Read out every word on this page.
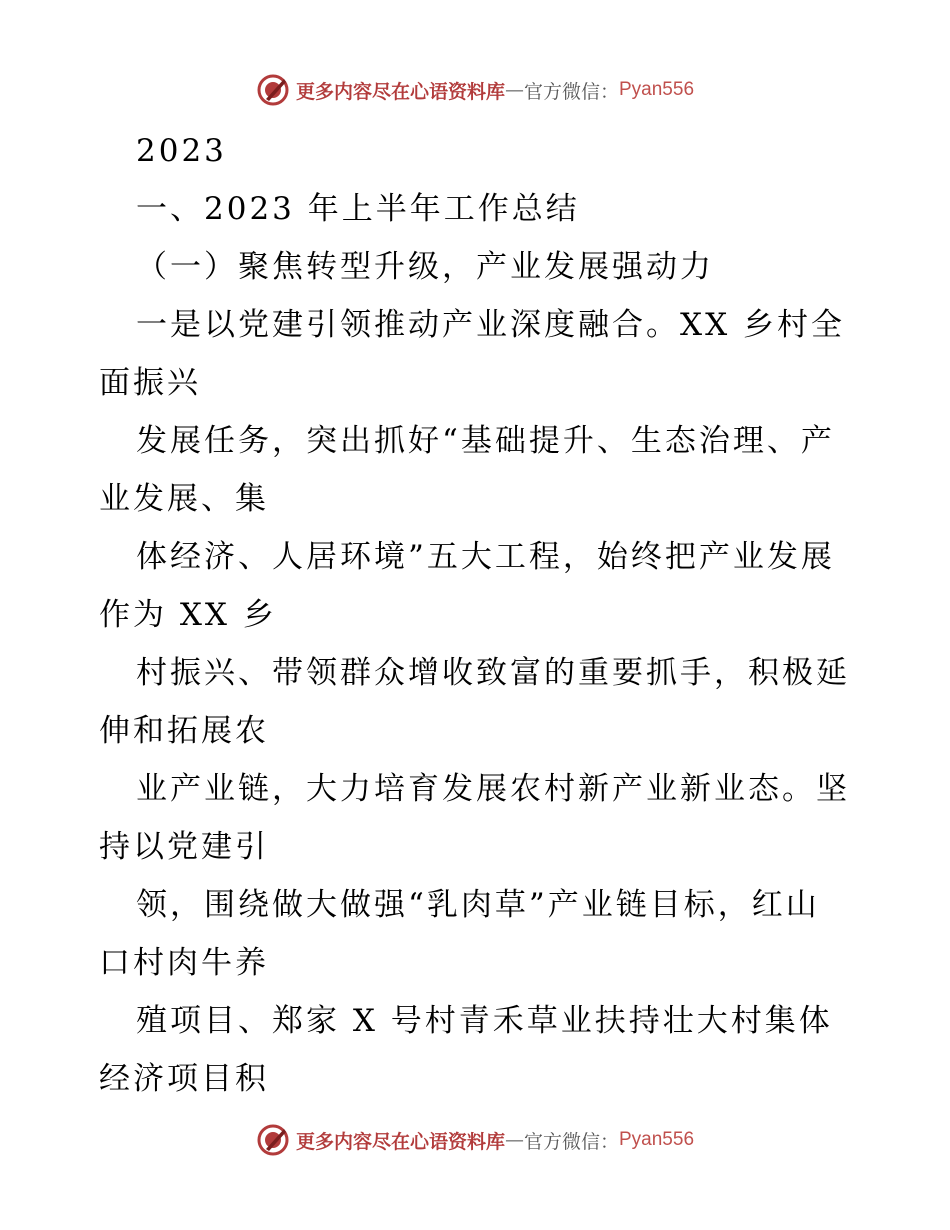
更多内容尽在心语资料库 — 官方微信： Pyan556
2023
一、2023 年上半年工作总结
（一）聚焦转型升级，产业发展强动力
一是以党建引领推动产业深度融合。XX 乡村全
面振兴
发展任务，突出抓好“基础提升、生态治理、产
业发展、集
体经济、人居环境”五大工程，始终把产业发展
作为 XX 乡
村振兴、带领群众增收致富的重要抓手，积极延
伸和拓展农
业产业链，大力培育发展农村新产业新业态。坚
持以党建引
领，围绕做大做强“乳肉草”产业链目标，红山
口村肉牛养
殖项目、郑家 X 号村青禾草业扶持壮大村集体
经济项目积
更多内容尽在心语资料库 — 官方微信： Pyan556
